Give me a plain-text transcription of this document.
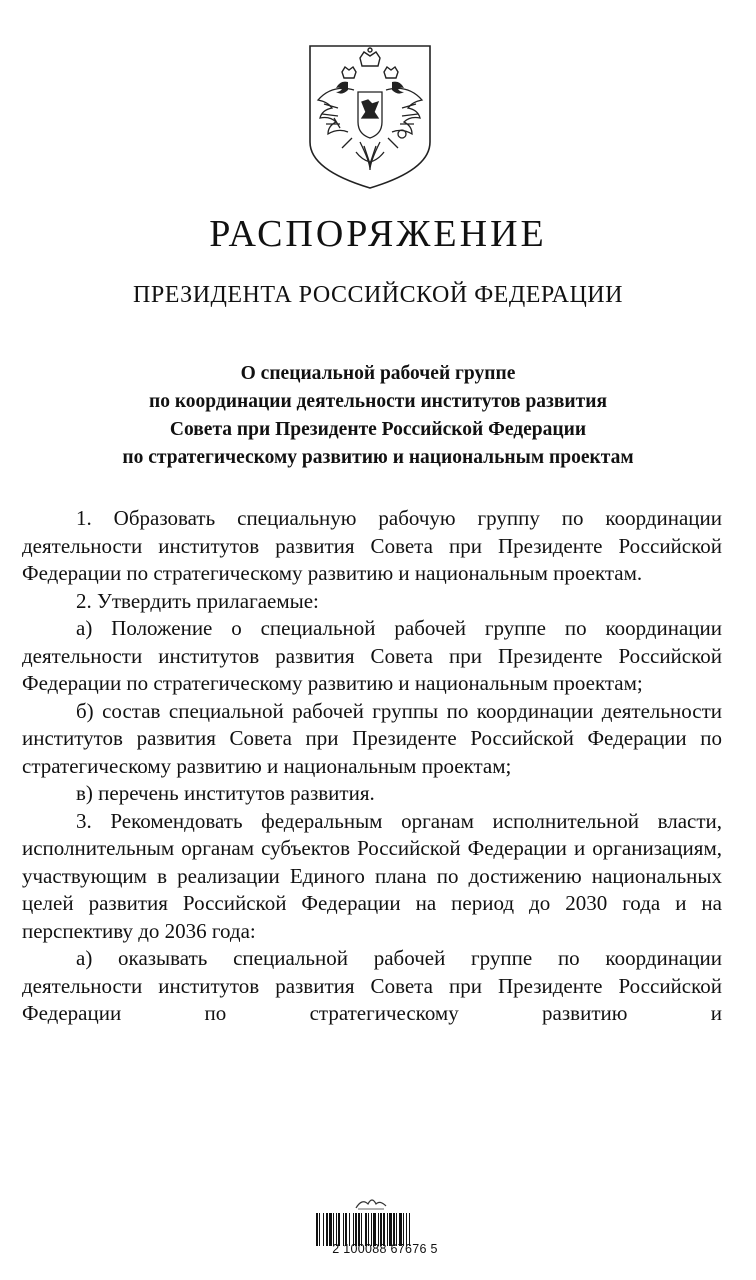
РАСПОРЯЖЕНИЕ
ПРЕЗИДЕНТА РОССИЙСКОЙ ФЕДЕРАЦИИ
О специальной рабочей группе
по координации деятельности институтов развития
Совета при Президенте Российской Федерации
по стратегическому развитию и национальным проектам

1. Образовать специальную рабочую группу по координации деятельности институтов развития Совета при Президенте Российской Федерации по стратегическому развитию и национальным проектам.

2. Утвердить прилагаемые:

а) Положение о специальной рабочей группе по координации деятельности институтов развития Совета при Президенте Российской Федерации по стратегическому развитию и национальным проектам;

б) состав специальной рабочей группы по координации деятельности институтов развития Совета при Президенте Российской Федерации по стратегическому развитию и национальным проектам;

в) перечень институтов развития.

3. Рекомендовать федеральным органам исполнительной власти, исполнительным органам субъектов Российской Федерации и организациям, участвующим в реализации Единого плана по достижению национальных целей развития Российской Федерации на период до 2030 года и на перспективу до 2036 года:

а) оказывать специальной рабочей группе по координации деятельности институтов развития Совета при Президенте Российской Федерации по стратегическому развитию и

2 100088 67676 5
